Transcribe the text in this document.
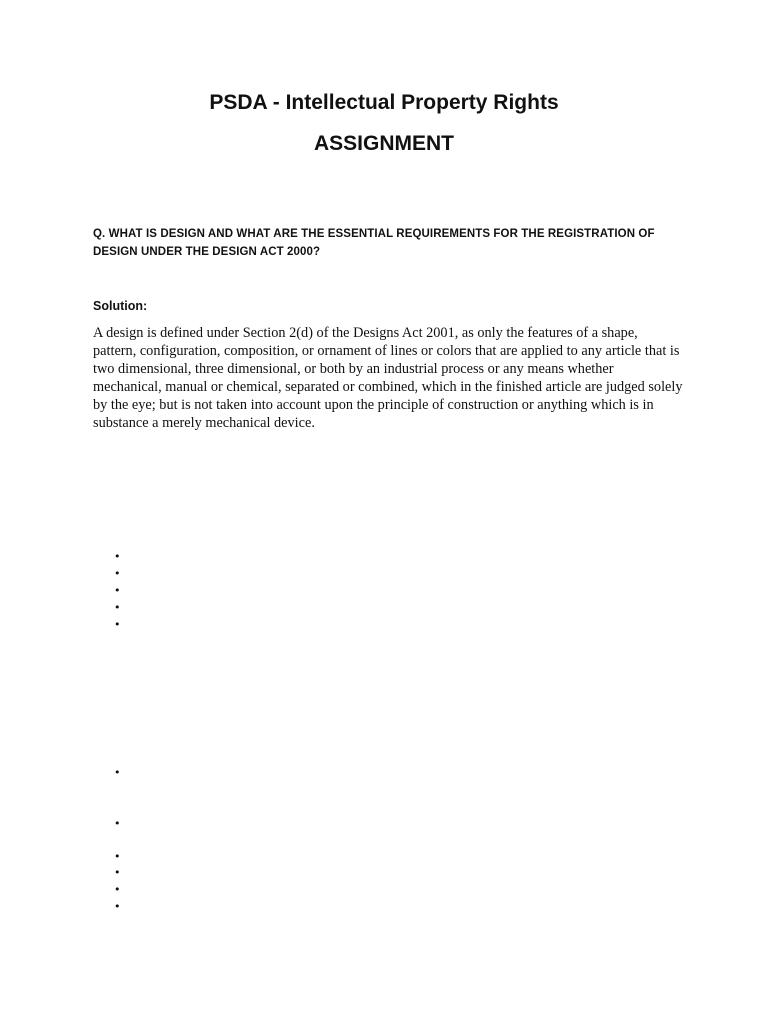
PSDA - Intellectual Property Rights
ASSIGNMENT

Q. WHAT IS DESIGN AND WHAT ARE THE ESSENTIAL REQUIREMENTS FOR THE REGISTRATION OF DESIGN UNDER THE DESIGN ACT 2000?

Solution:

A design is defined under Section 2(d) of the Designs Act 2001, as only the features of a shape, pattern, configuration, composition, or ornament of lines or colors that are applied to any article that is two dimensional, three dimensional, or both by an industrial process or any means whether mechanical, manual or chemical, separated or combined, which in the finished article are judged solely by the eye; but is not taken into account upon the principle of construction or anything which is in substance a merely mechanical device.

•
•
•
•
•
•
•
•
•
•
•
